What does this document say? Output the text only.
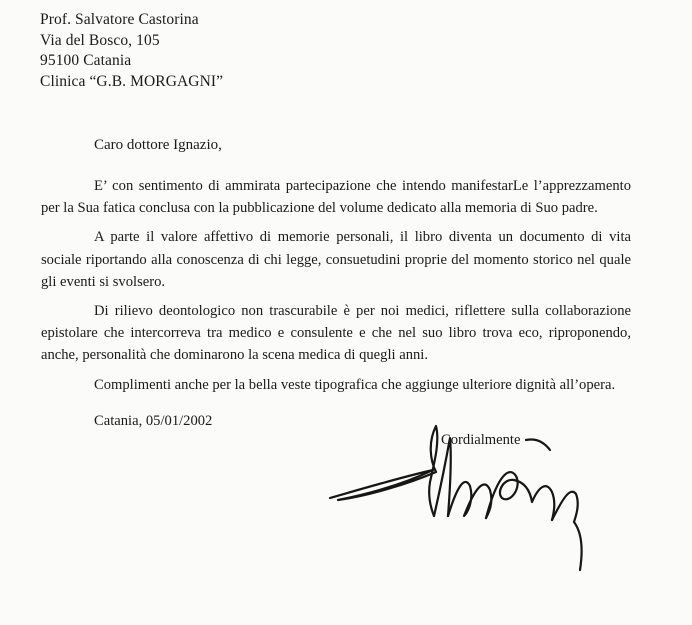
Prof. Salvatore Castorina
Via del Bosco, 105
95100 Catania
Clinica “G.B. MORGAGNI”
Caro dottore Ignazio,

E’ con sentimento di ammirata partecipazione che intendo manifestarLe l’apprezzamento per la Sua fatica conclusa con la pubblicazione del volume dedicato alla memoria di Suo padre.

A parte il valore affettivo di memorie personali, il libro diventa un documento di vita sociale riportando alla conoscenza di chi legge, consuetudini proprie del momento storico nel quale gli eventi si svolsero.

Di rilievo deontologico non trascurabile è per noi medici, riflettere sulla collaborazione epistolare che intercorreva tra medico e consulente e che nel suo libro trova eco, riproponendo, anche, personalità che dominarono la scena medica di quegli anni.

Complimenti anche per la bella veste tipografica che aggiunge ulteriore dignità all’opera.

Catania, 05/01/2002
Cordialmente
